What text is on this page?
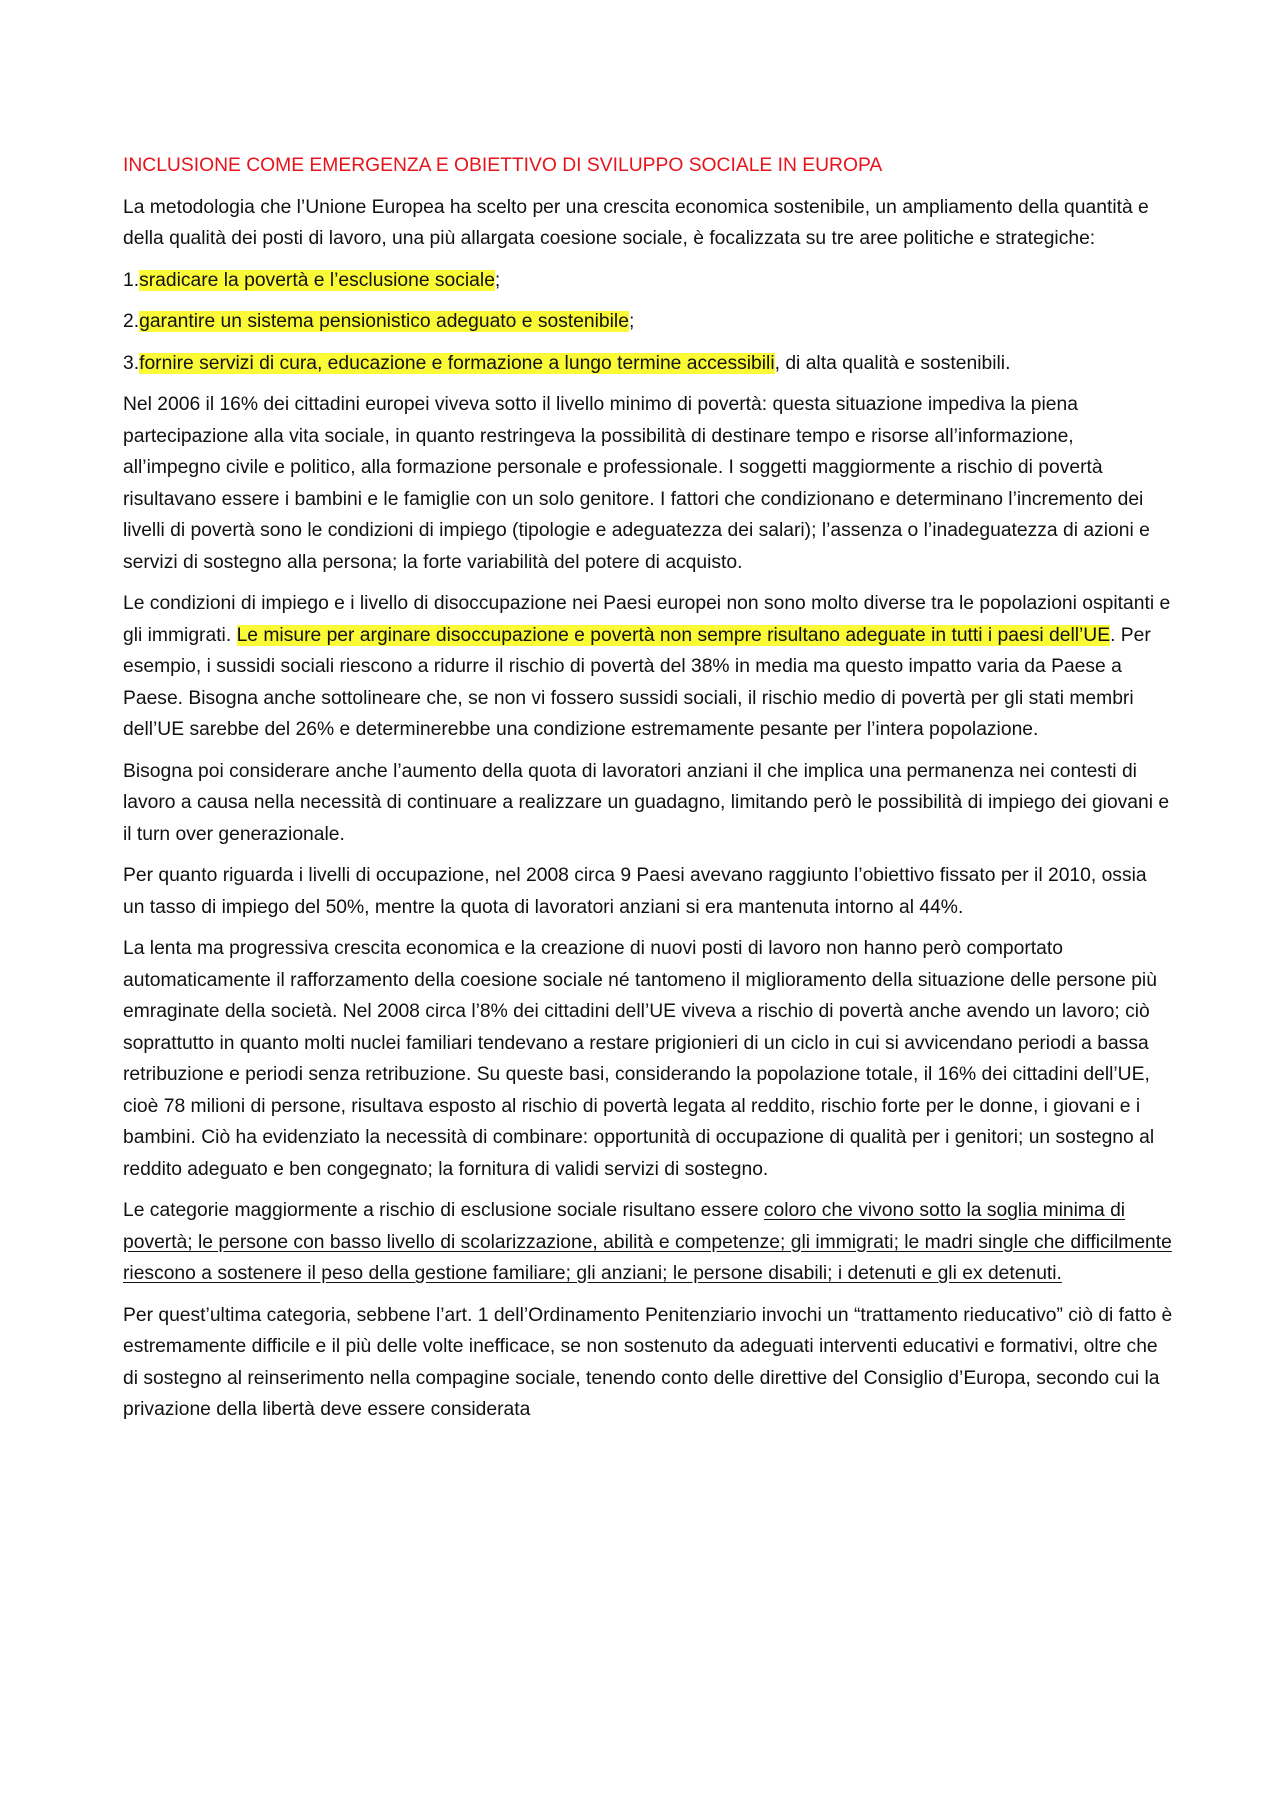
INCLUSIONE COME EMERGENZA E OBIETTIVO DI SVILUPPO SOCIALE IN EUROPA

La metodologia che l’Unione Europea ha scelto per una crescita economica sostenibile, un ampliamento della quantità e della qualità dei posti di lavoro, una più allargata coesione sociale, è focalizzata su tre aree politiche e strategiche:

1.sradicare la povertà e l’esclusione sociale;

2.garantire un sistema pensionistico adeguato e sostenibile;

3.fornire servizi di cura, educazione e formazione a lungo termine accessibili, di alta qualità e sostenibili.

Nel 2006 il 16% dei cittadini europei viveva sotto il livello minimo di povertà: questa situazione impediva la piena partecipazione alla vita sociale, in quanto restringeva la possibilità di destinare tempo e risorse all’informazione, all’impegno civile e politico, alla formazione personale e professionale. I soggetti maggiormente a rischio di povertà risultavano essere i bambini e le famiglie con un solo genitore. I fattori che condizionano e determinano l’incremento dei livelli di povertà sono le condizioni di impiego (tipologie e adeguatezza dei salari); l’assenza o l’inadeguatezza di azioni e servizi di sostegno alla persona; la forte variabilità del potere di acquisto.

Le condizioni di impiego e i livello di disoccupazione nei Paesi europei non sono molto diverse tra le popolazioni ospitanti e gli immigrati. Le misure per arginare disoccupazione e povertà non sempre risultano adeguate in tutti i paesi dell’UE. Per esempio, i sussidi sociali riescono a ridurre il rischio di povertà del 38% in media ma questo impatto varia da Paese a Paese. Bisogna anche sottolineare che, se non vi fossero sussidi sociali, il rischio medio di povertà per gli stati membri dell’UE sarebbe del 26% e determinerebbe una condizione estremamente pesante per l’intera popolazione.

Bisogna poi considerare anche l’aumento della quota di lavoratori anziani il che implica una permanenza nei contesti di lavoro a causa nella necessità di continuare a realizzare un guadagno, limitando però le possibilità di impiego dei giovani e il turn over generazionale.

Per quanto riguarda i livelli di occupazione, nel 2008 circa 9 Paesi avevano raggiunto l’obiettivo fissato per il 2010, ossia un tasso di impiego del 50%, mentre la quota di lavoratori anziani si era mantenuta intorno al 44%.

La lenta ma progressiva crescita economica e la creazione di nuovi posti di lavoro non hanno però comportato automaticamente il rafforzamento della coesione sociale né tantomeno il miglioramento della situazione delle persone più emraginate della società. Nel 2008 circa l’8% dei cittadini dell’UE viveva a rischio di povertà anche avendo un lavoro; ciò soprattutto in quanto molti nuclei familiari tendevano a restare prigionieri di un ciclo in cui si avvicendano periodi a bassa retribuzione e periodi senza retribuzione. Su queste basi, considerando la popolazione totale, il 16% dei cittadini dell’UE, cioè 78 milioni di persone, risultava esposto al rischio di povertà legata al reddito, rischio forte per le donne, i giovani e i bambini. Ciò ha evidenziato la necessità di combinare: opportunità di occupazione di qualità per i genitori; un sostegno al reddito adeguato e ben congegnato; la fornitura di validi servizi di sostegno.

Le categorie maggiormente a rischio di esclusione sociale risultano essere coloro che vivono sotto la soglia minima di povertà; le persone con basso livello di scolarizzazione, abilità e competenze; gli immigrati; le madri single che difficilmente riescono a sostenere il peso della gestione familiare; gli anziani; le persone disabili; i detenuti e gli ex detenuti.

Per quest’ultima categoria, sebbene l’art. 1 dell’Ordinamento Penitenziario invochi un “trattamento rieducativo” ciò di fatto è estremamente difficile e il più delle volte inefficace, se non sostenuto da adeguati interventi educativi e formativi, oltre che di sostegno al reinserimento nella compagine sociale, tenendo conto delle direttive del Consiglio d’Europa, secondo cui la privazione della libertà deve essere considerata
